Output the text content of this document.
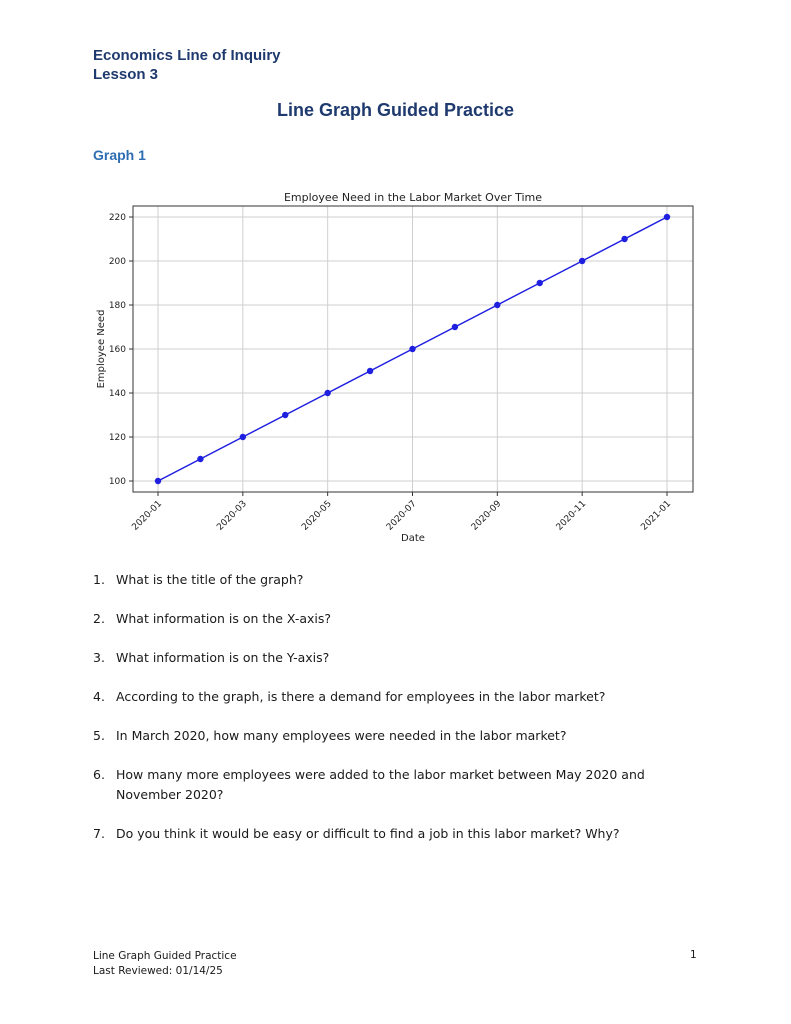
Economics Line of Inquiry
Lesson 3
Line Graph Guided Practice
Graph 1
Employee Need in the Labor Market Over Time
100
120
140
160
180
200
220
2020-01	2020-03	2020-05	2020-07	2020-09	2020-11	2021-01
Date
Employee Need
1. What is the title of the graph?
2. What information is on the X-axis?
3. What information is on the Y-axis?
4. According to the graph, is there a demand for employees in the labor market?
5. In March 2020, how many employees were needed in the labor market?
6. How many more employees were added to the labor market between May 2020 and November 2020?
7. Do you think it would be easy or difficult to find a job in this labor market? Why?
Line Graph Guided Practice
Last Reviewed: 01/14/25
1
